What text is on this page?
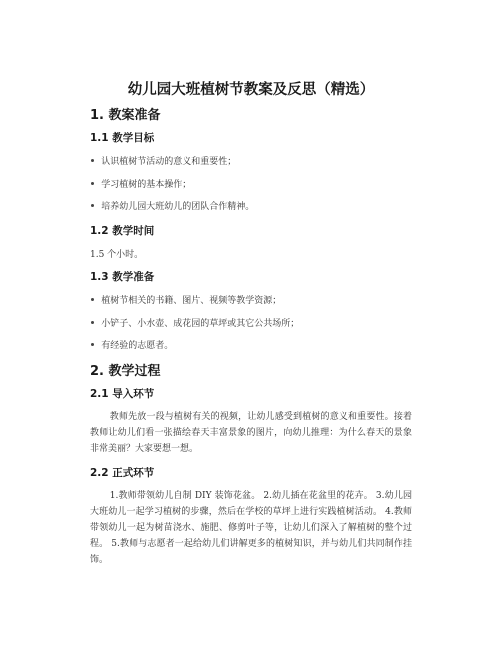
幼儿园大班植树节教案及反思（精选）
1. 教案准备
1.1 教学目标
认识植树节活动的意义和重要性；
学习植树的基本操作；
培养幼儿园大班幼儿的团队合作精神。
1.2 教学时间
1.5 个小时。
1.3 教学准备
植树节相关的书籍、图片、视频等教学资源；
小铲子、小水壶、成花园的草坪或其它公共场所；
有经验的志愿者。
2. 教学过程
2.1 导入环节

教师先放一段与植树有关的视频，让幼儿感受到植树的意义和重要性。接着教师让幼儿们看一张描绘春天丰富景象的图片，向幼儿推理：为什么春天的景象非常美丽？大家要想一想。

2.2 正式环节

1.教师带领幼儿自制 DIY 装饰花盆。 2.幼儿插在花盆里的花卉。 3.幼儿园大班幼儿一起学习植树的步骤，然后在学校的草坪上进行实践植树活动。 4.教师带领幼儿一起为树苗浇水、施肥、修剪叶子等，让幼儿们深入了解植树的整个过程。 5.教师与志愿者一起给幼儿们讲解更多的植树知识，并与幼儿们共同制作挂饰。
